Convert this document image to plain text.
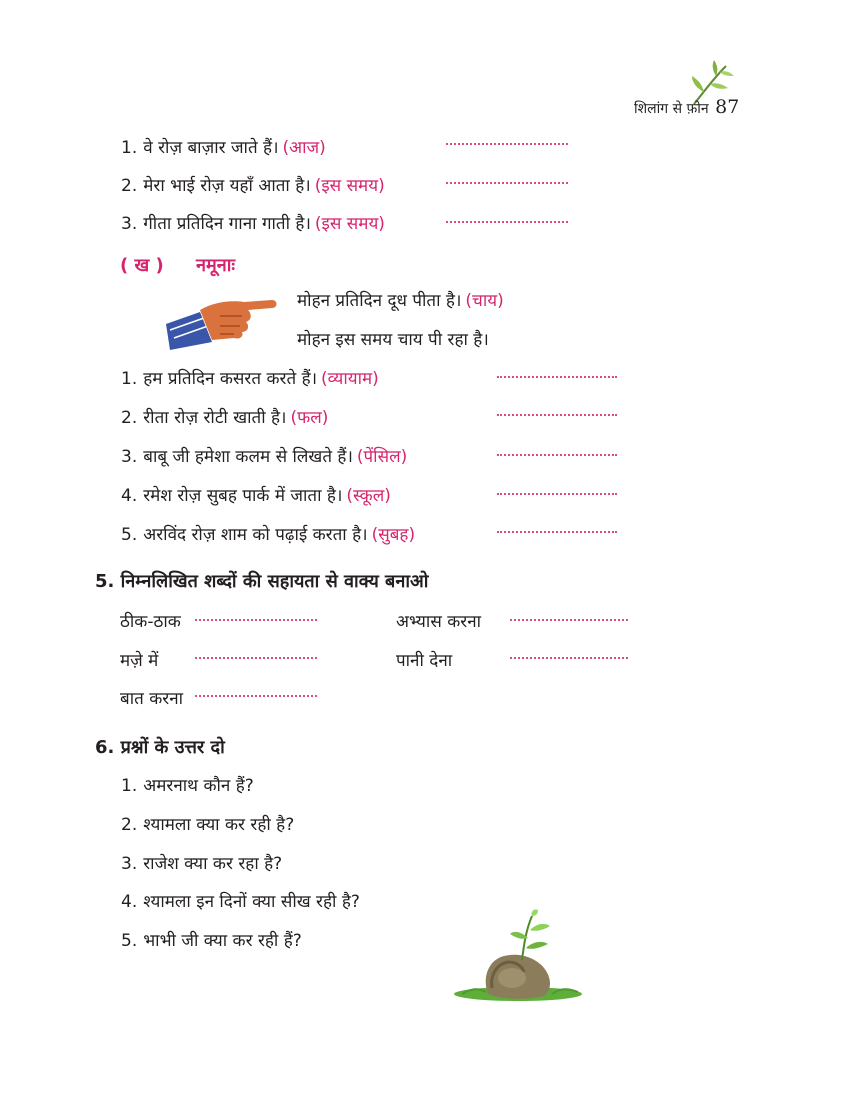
शिलांग से फ़ोन 87
1. वे रोज़ बाज़ार जाते हैं। (आज)
2. मेरा भाई रोज़ यहाँ आता है। (इस समय)
3. गीता प्रतिदिन गाना गाती है। (इस समय)
( ख ) नमूनाः
मोहन प्रतिदिन दूध पीता है। (चाय)
मोहन इस समय चाय पी रहा है।
1. हम प्रतिदिन कसरत करते हैं। (व्यायाम)
2. रीता रोज़ रोटी खाती है। (फल)
3. बाबू जी हमेशा कलम से लिखते हैं। (पेंसिल)
4. रमेश रोज़ सुबह पार्क में जाता है। (स्कूल)
5. अरविंद रोज़ शाम को पढ़ाई करता है। (सुबह)
5. निम्नलिखित शब्दों की सहायता से वाक्य बनाओ
ठीक-ठाक	अभ्यास करना
मज़े में	पानी देना
बात करना
6. प्रश्नों के उत्तर दो
1. अमरनाथ कौन हैं?
2. श्यामला क्या कर रही है?
3. राजेश क्या कर रहा है?
4. श्यामला इन दिनों क्या सीख रही है?
5. भाभी जी क्या कर रही हैं?
